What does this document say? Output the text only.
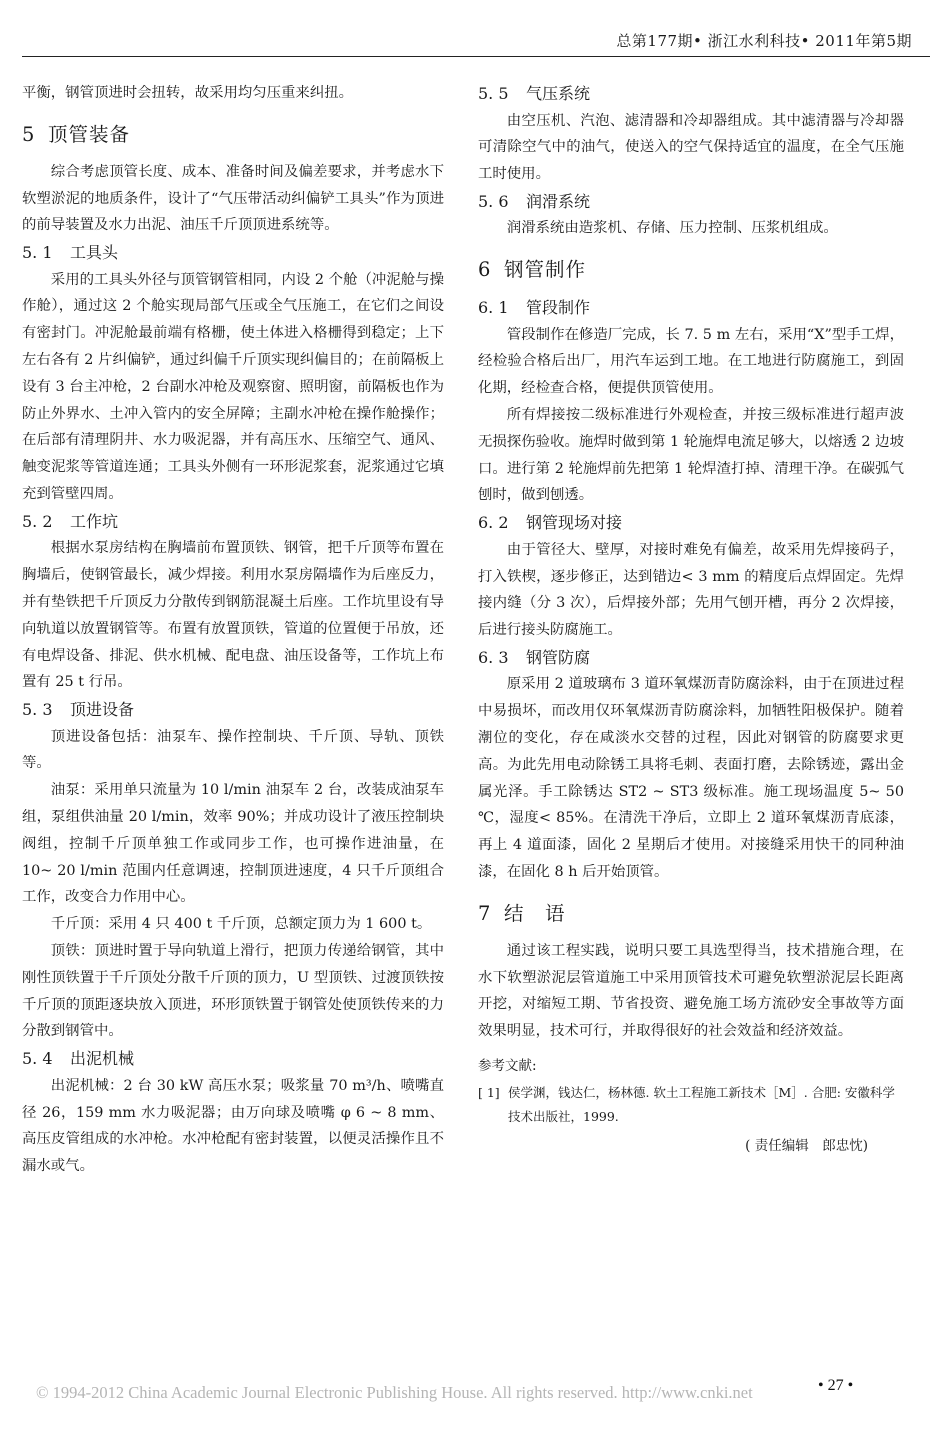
总第177期• 浙江水利科技• 2011年第5期

平衡，钢管顶进时会扭转，故采用均匀压重来纠扭。

5 顶管装备

综合考虑顶管长度、成本、准备时间及偏差要求，并考虑水下软塑淤泥的地质条件，设计了“气压带活动纠偏铲工具头”作为顶进的前导装置及水力出泥、油压千斤顶顶进系统等。

5. 1 工具头

采用的工具头外径与顶管钢管相同，内设 2 个舱（冲泥舱与操作舱），通过这 2 个舱实现局部气压或全气压施工，在它们之间设有密封门。冲泥舱最前端有格栅，使土体进入格栅得到稳定；上下左右各有 2 片纠偏铲，通过纠偏千斤顶实现纠偏目的；在前隔板上设有 3 台主冲枪，2 台副水冲枪及观察窗、照明窗，前隔板也作为防止外界水、土冲入管内的安全屏障；主副水冲枪在操作舱操作；在后部有清理阴井、水力吸泥器，并有高压水、压缩空气、通风、触变泥浆等管道连通；工具头外侧有一环形泥浆套，泥浆通过它填充到管壁四周。

5. 2 工作坑

根据水泵房结构在胸墙前布置顶铁、钢管，把千斤顶等布置在胸墙后，使钢管最长，减少焊接。利用水泵房隔墙作为后座反力，并有垫铁把千斤顶反力分散传到钢筋混凝土后座。工作坑里设有导向轨道以放置钢管等。布置有放置顶铁，管道的位置便于吊放，还有电焊设备、排泥、供水机械、配电盘、油压设备等，工作坑上布置有 25 t 行吊。

5. 3 顶进设备

顶进设备包括：油泵车、操作控制块、千斤顶、导轨、顶铁等。

油泵：采用单只流量为 10 l/min 油泵车 2 台，改装成油泵车组，泵组供油量 20 l/min，效率 90%；并成功设计了液压控制块阀组，控制千斤顶单独工作或同步工作，也可操作进油量，在 10~ 20 l/min 范围内任意调速，控制顶进速度，4 只千斤顶组合工作，改变合力作用中心。

千斤顶：采用 4 只 400 t 千斤顶，总额定顶力为 1 600 t。

顶铁：顶进时置于导向轨道上滑行，把顶力传递给钢管，其中刚性顶铁置于千斤顶处分散千斤顶的顶力，U 型顶铁、过渡顶铁按千斤顶的顶距逐块放入顶进，环形顶铁置于钢管处使顶铁传来的力分散到钢管中。

5. 4 出泥机械

出泥机械：2 台 30 kW 高压水泵；吸浆量 70 m³/h、喷嘴直径 26，159 mm 水力吸泥器；由万向球及喷嘴 φ 6 ~ 8 mm、高压皮管组成的水冲枪。水冲枪配有密封装置，以便灵活操作且不漏水或气。

5. 5 气压系统

由空压机、汽泡、滤清器和冷却器组成。其中滤清器与冷却器可清除空气中的油气，使送入的空气保持适宜的温度，在全气压施工时使用。

5. 6 润滑系统

润滑系统由造浆机、存储、压力控制、压浆机组成。

6 钢管制作
6. 1 管段制作

管段制作在修造厂完成，长 7. 5 m 左右，采用“X”型手工焊，经检验合格后出厂，用汽车运到工地。在工地进行防腐施工，到固化期，经检查合格，便提供顶管使用。

所有焊接按二级标准进行外观检查，并按三级标准进行超声波无损探伤验收。施焊时做到第 1 轮施焊电流足够大，以熔透 2 边坡口。进行第 2 轮施焊前先把第 1 轮焊渣打掉、清理干净。在碳弧气刨时，做到刨透。

6. 2 钢管现场对接

由于管径大、壁厚，对接时难免有偏差，故采用先焊接码子，打入铁楔，逐步修正，达到错边< 3 mm 的精度后点焊固定。先焊接内缝（分 3 次），后焊接外部；先用气刨开槽，再分 2 次焊接，后进行接头防腐施工。

6. 3 钢管防腐

原采用 2 道玻璃布 3 道环氧煤沥青防腐涂料，由于在顶进过程中易损坏，而改用仅环氧煤沥青防腐涂料，加牺牲阳极保护。随着潮位的变化，存在咸淡水交替的过程，因此对钢管的防腐要求更高。为此先用电动除锈工具将毛刺、表面打磨，去除锈迹，露出金属光泽。手工除锈达 ST2 ~ ST3 级标准。施工现场温度 5~ 50 ℃，湿度< 85%。在清洗干净后，立即上 2 道环氧煤沥青底漆，再上 4 道面漆，固化 2 星期后才使用。对接缝采用快干的同种油漆，在固化 8 h 后开始顶管。

7 结　语

通过该工程实践，说明只要工具选型得当，技术措施合理，在水下软塑淤泥层管道施工中采用顶管技术可避免软塑淤泥层长距离开挖，对缩短工期、节省投资、避免施工场方流砂安全事故等方面效果明显，技术可行，并取得很好的社会效益和经济效益。

参考文献:
[ 1] 侯学渊，钱达仁，杨林德. 软土工程施工新技术［M］. 合肥: 安徽科学技术出版社，1999.
( 责任编辑　郎忠忱)
© 1994-2012 China Academic Journal Electronic Publishing House. All rights reserved. http://www.cnki.net	• 27 •
